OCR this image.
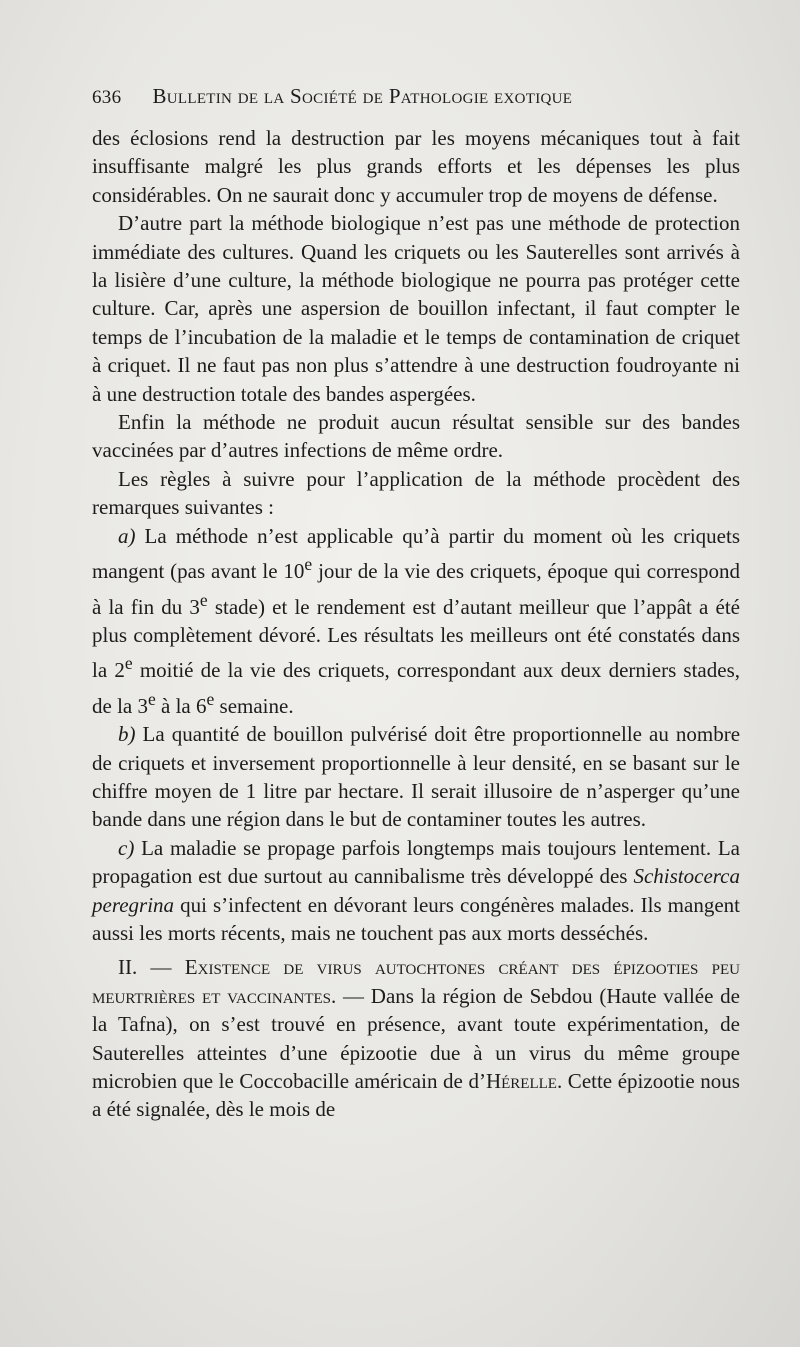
636 Bulletin de la Société de Pathologie exotique

des éclosions rend la destruction par les moyens mécaniques tout à fait insuffisante malgré les plus grands efforts et les dépenses les plus considérables. On ne saurait donc y accumuler trop de moyens de défense.

D’autre part la méthode biologique n’est pas une méthode de protection immédiate des cultures. Quand les criquets ou les Sauterelles sont arrivés à la lisière d’une culture, la méthode biologique ne pourra pas protéger cette culture. Car, après une aspersion de bouillon infectant, il faut compter le temps de l’incubation de la maladie et le temps de contamination de criquet à criquet. Il ne faut pas non plus s’attendre à une destruction foudroyante ni à une destruction totale des bandes aspergées.

Enfin la méthode ne produit aucun résultat sensible sur des bandes vaccinées par d’autres infections de même ordre.

Les règles à suivre pour l’application de la méthode procèdent des remarques suivantes :

a) La méthode n’est applicable qu’à partir du moment où les criquets mangent (pas avant le 10e jour de la vie des criquets, époque qui correspond à la fin du 3e stade) et le rendement est d’autant meilleur que l’appât a été plus complètement dévoré. Les résultats les meilleurs ont été constatés dans la 2e moitié de la vie des criquets, correspondant aux deux derniers stades, de la 3e à la 6e semaine.

b) La quantité de bouillon pulvérisé doit être proportionnelle au nombre de criquets et inversement proportionnelle à leur densité, en se basant sur le chiffre moyen de 1 litre par hectare. Il serait illusoire de n’asperger qu’une bande dans une région dans le but de contaminer toutes les autres.

c) La maladie se propage parfois longtemps mais toujours lentement. La propagation est due surtout au cannibalisme très développé des Schistocerca peregrina qui s’infectent en dévorant leurs congénères malades. Ils mangent aussi les morts récents, mais ne touchent pas aux morts desséchés.

II. — Existence de virus autochtones créant des épizooties peu meurtrières et vaccinantes. — Dans la région de Sebdou (Haute vallée de la Tafna), on s’est trouvé en présence, avant toute expérimentation, de Sauterelles atteintes d’une épizootie due à un virus du même groupe microbien que le Coccobacille américain de d’Hérelle. Cette épizootie nous a été signalée, dès le mois de
